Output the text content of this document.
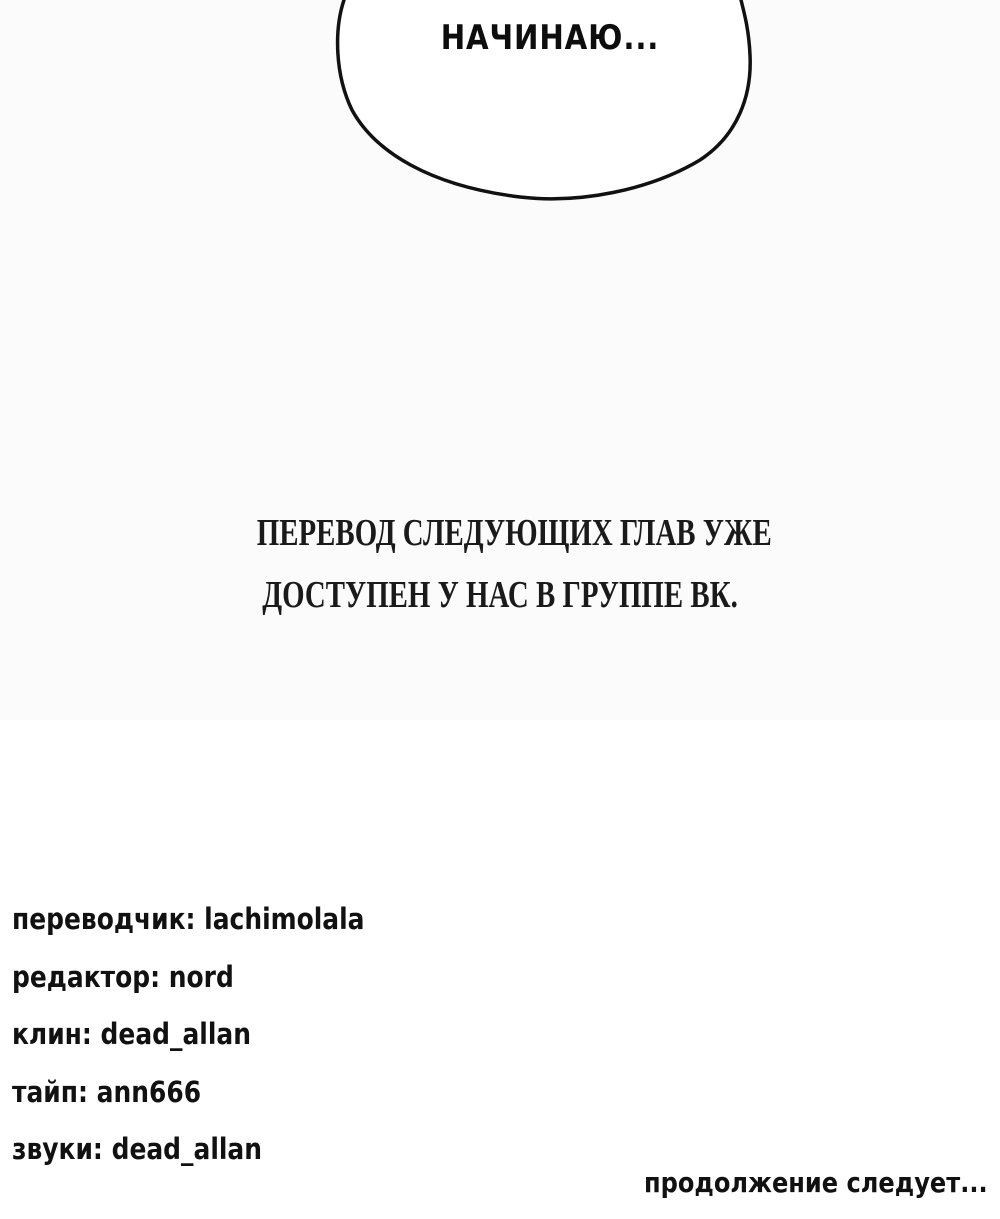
НАЧИНАЮ...
ПЕРЕВОД СЛЕДУЮЩИХ ГЛАВ УЖЕ
ДОСТУПЕН У НАС В ГРУППЕ ВК.
переводчик: lachimolala
редактор: nord
клин: dead_allan
тайп: ann666
звуки: dead_allan
продолжение следует...
